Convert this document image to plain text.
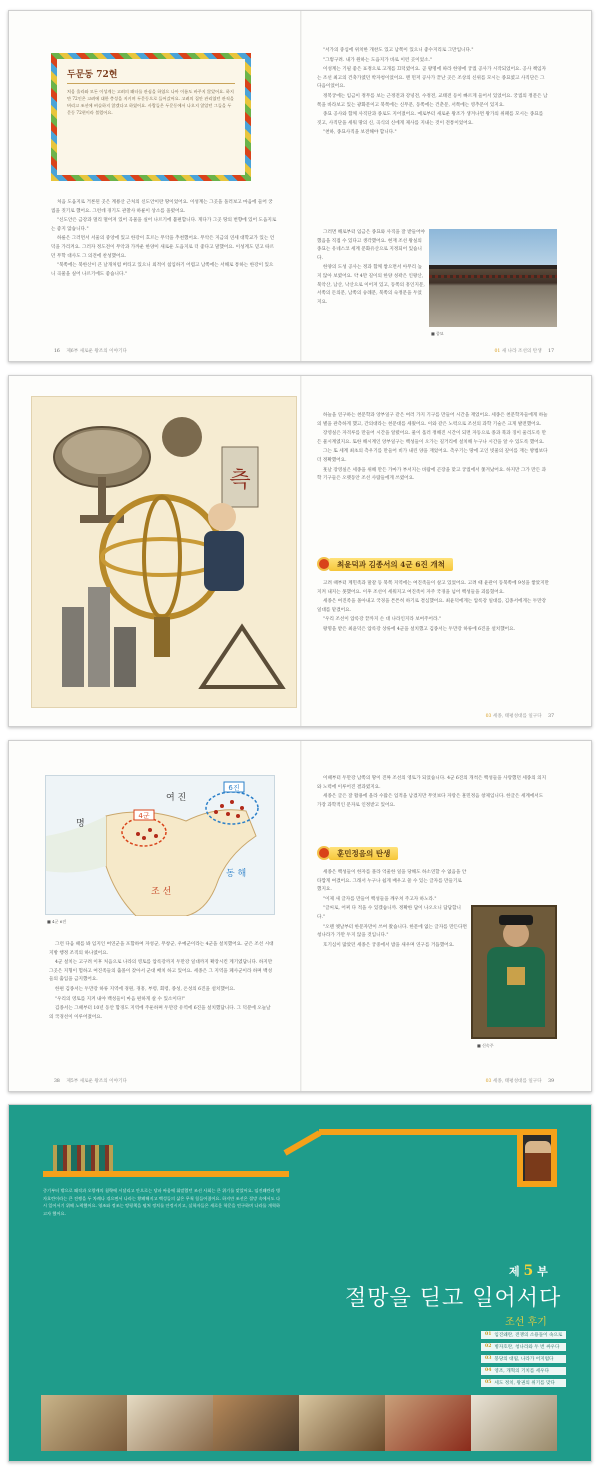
두문동 72현
처음 올라와 모든 이성계는 고려의 왜타를 관심을 하였으 나아 이름도 바꾸지 않았어요. 하지만 72인은 고려에 대한 충성을 지키며 두문동으로 들어갔어요. 고려의 집안 관리였던 관직을 버리고 조선에 벼슬하지 않겠다고 하였어요. 사람들은 두문동에서 나오지 않았던 그들을 두문동 72현이라 불렀어요.

처음 도읍지로 거론된 곳은 계룡산 근처의 신도안이란 땅이었어요. 이성계는 그곳을 돌러보고 마음에 들어 궁궐을 짓기로 했어요. 그런데 경기도 관찰사 하륜이 상소를 올렸어요.

"신도안은 금강과 멀리 떨어져 있어 곡물을 실어 나르기에 불편합니다. 게다가 그곳 땅의 번향에 있어 도읍지로는 좋지 않습니다."

하륜은 그러면서 서울의 중앙에 있고 한강이 흐르는 무악을 추천했어요. 무악은 지금의 연세 대학교가 있는 언덕을 가리켜요. 그러자 정도전이 무악과 가까운 한양이 새로운 도읍지로 더 좋다고 말했어요. 이성계도 믿고 따르던 무학 대사도 그 의견에 찬성했어요.

"북쪽에는 북한산이 큰 날개처럼 버티고 있으니 외적이 침입하기 어렵고 남쪽에는 서해로 통하는 한강이 있으니 곡물을 실어 나르기에도 좋습니다."

"서가의 중심에 위치한 개찬도 있고 남쪽이 있으니 좋수지리로 그만입니다."

"그렇구려. 내가 원하는 도읍지가 바로 이런 곳이었소."

이성계는 기필 좋은 표정으로 고개를 끄덕였어요. 곧 왕명에 따라 한양에 궁궐 공사가 시작되었어요. 공사 책임자는 조선 최고의 건축가였던 박자청이었어요. 맨 먼저 공사가 끝난 곳은 조상의 신위를 모시는 종묘였고 사직단은 그 다음이었어요.

정복궁에는 임금이 정무를 보는 근정전과 강녕전, 수정전, 교태전 등이 빠르게 들어서 있었어요. 궁궐의 정문은 남쪽을 바라보고 있는 광화문이고 북쪽에는 신무문, 동쪽에는 건춘문, 서쪽에는 영추문이 있지요.

종묘 공사와 함께 사직단과 종로도 지어졌어요. 예로부터 새로운 왕조가 생겨나면 왕가의 위패를 모시는 종묘를 짓고, 사직단을 세워 땅의 신, 곡식의 신에게 제사를 지내는 것이 전통이었어요.

"천하, 종묘사직을 보전해야 합니다."

그러면 해로부터 임금은 종묘와 사직을 잘 받들어야 했음을 직접 수 있다고 생각했어요. 현재 조선 왕실의 종묘는 유네스코 세계 문화유산으로 지정되어 있습니다.

한양의 도성 공사는 정과 함께 쌓으면서 아무리 높지 않아 보였어요. 약 4만 길이의 한양 성곽은 인왕산, 북악산, 남산, 낙산으로 이어져 있고, 동쪽의 흥인지문, 서쪽의 돈의문, 남쪽의 숭례문, 북쪽의 숙정문을 두었지요.

■ 종묘
16 제6부 새로운 왕조의 이야기다	01 새 나라 조선의 탄생 17
측

하늘을 연구하는 천문학과 앙부일구 같은 여러 가지 기구를 만들어 시간을 재었어요. 세종은 천문학자들에게 하늘의 별을 관측하게 했고, 간의대라는 천문대를 세웠어요. 이와 같은 노력으로 조선의 과학 기술은 크게 발전했어요.

장영실은 자격루를 만들어 시간을 알렸어요. 물이 흘러 정해진 시간이 되면 자동으로 종과 북과 징이 울리도록 만든 물시계였지요. 또한 해시계인 앙부일구는 백성들이 오가는 길거리에 설치해 누구나 시간을 알 수 있도록 했어요.

그는 또 세계 최초의 측우기를 만들어 비가 내린 양을 재었어요. 측우기는 땅에 고인 빗물의 깊이를 재는 방법보다 더 정확했어요.

훗날 장영실은 세종을 위해 만든 가마가 부서지는 바람에 곤장을 맞고 궁궐에서 쫓겨났어요. 하지만 그가 만든 과학 기구들은 오랫동안 조선 사람들에게 쓰였어요.

최윤덕과 김종서의 4군 6진 개척

고려 때부터 계민족과 말갈 등 북쪽 지역에는 여진족들이 살고 있었어요. 고려 때 윤관이 동북쪽에 9성을 쌓았지만 지켜 내지는 못했어요. 이후 조선이 세워지고 여진족이 자주 국경을 넘어 백성들을 괴롭혔어요.

세종은 여진족을 몰아내고 국경을 튼튼히 하기로 결심했어요. 최윤덕에게는 압록강 일대를, 김종서에게는 두만강 일대를 맡겼어요.

"우리 조선이 압록강 끝까지 손 대 나라인지라 보여주어라."

왕명을 받은 최윤덕은 압록강 상류에 4군을 설치했고 김종서는 두만강 하류에 6진을 설치했어요.

03 세종, 태평성대를 일구다 37
4군
6진
여 진
명
조 선
동 해
■ 4군 6진

그런 다음 때를 봐 임지인 여연군을 포함하여 자성군, 무창군, 우예군이라는 4군을 설치했어요. 군은 조선 시대 지방 행정 조직의 하나였어요.

4군 설치는 고구려 이후 처음으로 나라의 영토를 압록강까지 두만강 일대까지 확장시킨 계기였답니다. 하지만 그곳은 지형이 험하고 여진족들의 출몰이 잦아서 군대 배치 하고 있어요. 세종은 그 지역을 폐사군이라 하며 백성들의 출입을 금지했어요.

한편 김종서는 두만강 하류 지역에 경원, 경흥, 부령, 회령, 종성, 온성의 6진을 설치했어요.

"우리의 영토를 지켜 내야 백성들이 마음 편하게 살 수 있소이다!"

김종서는 그때부터 10년 동안 함경도 지역에 주둔하며 두만강 유역에 6진을 설치했답니다. 그 덕분에 오늘날의 국경선이 이루어졌어요.

이때부터 두만강 남쪽의 땅이 진짜 조선의 영토가 되었습니다. 4군 6진의 개척은 백성들을 사랑했던 세종의 의지와 노력에 이루어진 결과였지요.

세종은 글은 잘 활용에 올라 수많은 업적을 남겼지만 무엇보다 자랑은 훈민정음 창제입니다. 한글은 세계에서도 가장 과학적인 문자로 인정받고 있어요.

훈민정음의 탄생

세종은 백성들이 한자를 몰라 억울한 일을 당해도 하소연할 수 없음을 안타깝게 여겼어요. 그래서 누구나 쉽게 배우고 쓸 수 있는 글자를 만들기로 했지요.

"이제 새 글자를 만들어 백성들을 깨우쳐 주고자 하노라."

"글씨로, 어찌 다 적을 수 있겠습니까. 정확한 답이 나오오니 답답합니다."

"오랜 옛날부터 한문자만이 쓰여 왔습니다. 한문에 없는 글자를 만든다면 청나라가 가만 두지 않을 것입니다."

호기심이 많았던 세종은 궁중에서 밤을 새우며 연구를 거듭했어요.

■ 신숙주
38 제5부 새로운 왕조의 이야기다	03 세종, 태평성대를 일구다 39

중기부터 밖으로 왜적과 오랑캐의 침략에 시달리고 안으로는 당파 싸움에 휘말렸던 조선 사회는 큰 위기를 맞았어요. 임진왜란과 병자호란이라는 큰 전쟁을 두 차례나 겪으면서 나라는 황폐해지고 백성들의 삶은 무척 힘들어졌어요. 하지만 조선은 절망 속에서도 다시 일어서기 위해 노력했어요. 영조와 정조는 탕평책을 펼쳐 정치를 안정시키고, 실학자들은 새로운 학문을 연구하며 나라를 개혁하고자 했어요.

제 5 부
절망을 딛고 일어서다
조선 후기
01 임진왜란, 전쟁의 소용돌이 속으로
02 병자호란, 청나라와 두 번 싸우다
03 붕당의 대립, 나라가 어지럽다
04 영조, 개혁의 기치를 세우다
05 세도 정치, 왕권의 위기를 맞다
